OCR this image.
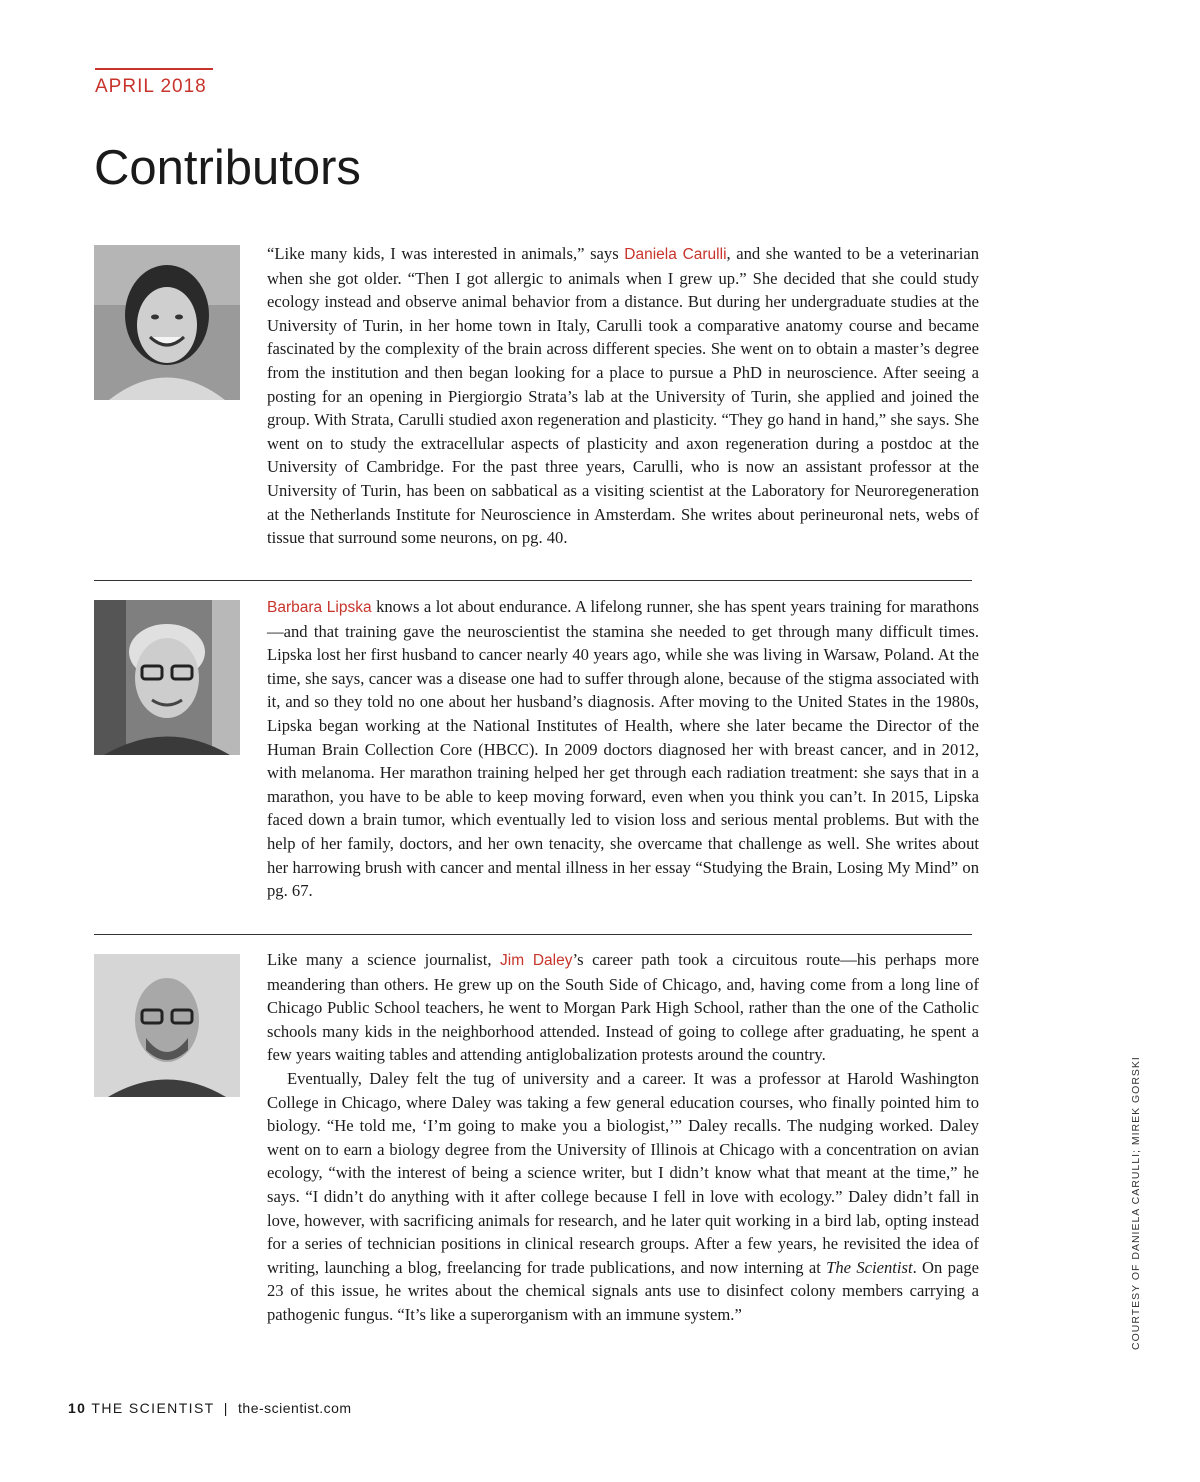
APRIL 2018
Contributors

“Like many kids, I was interested in animals,” says Daniela Carulli, and she wanted to be a veterinarian when she got older. “Then I got allergic to animals when I grew up.” She decided that she could study ecology instead and observe animal behavior from a distance. But during her undergraduate studies at the University of Turin, in her home town in Italy, Carulli took a comparative anatomy course and became fascinated by the complexity of the brain across different species. She went on to obtain a master’s degree from the institution and then began looking for a place to pursue a PhD in neuroscience. After seeing a posting for an opening in Piergiorgio Strata’s lab at the University of Turin, she applied and joined the group. With Strata, Carulli studied axon regeneration and plasticity. “They go hand in hand,” she says. She went on to study the extracellular aspects of plasticity and axon regeneration during a postdoc at the University of Cambridge. For the past three years, Carulli, who is now an assistant professor at the University of Turin, has been on sabbatical as a visiting scientist at the Laboratory for Neuroregeneration at the Netherlands Institute for Neuroscience in Amsterdam. She writes about perineuronal nets, webs of tissue that surround some neurons, on pg. 40.

Barbara Lipska knows a lot about endurance. A lifelong runner, she has spent years training for marathons—and that training gave the neuroscientist the stamina she needed to get through many difficult times. Lipska lost her first husband to cancer nearly 40 years ago, while she was living in Warsaw, Poland. At the time, she says, cancer was a disease one had to suffer through alone, because of the stigma associated with it, and so they told no one about her husband’s diagnosis. After moving to the United States in the 1980s, Lipska began working at the National Institutes of Health, where she later became the Director of the Human Brain Collection Core (HBCC). In 2009 doctors diagnosed her with breast cancer, and in 2012, with melanoma. Her marathon training helped her get through each radiation treatment: she says that in a marathon, you have to be able to keep moving forward, even when you think you can’t. In 2015, Lipska faced down a brain tumor, which eventually led to vision loss and serious mental problems. But with the help of her family, doctors, and her own tenacity, she overcame that challenge as well. She writes about her harrowing brush with cancer and mental illness in her essay “Studying the Brain, Losing My Mind” on pg. 67.

Like many a science journalist, Jim Daley’s career path took a circuitous route—his perhaps more meandering than others. He grew up on the South Side of Chicago, and, having come from a long line of Chicago Public School teachers, he went to Morgan Park High School, rather than the one of the Catholic schools many kids in the neighborhood attended. Instead of going to college after graduating, he spent a few years waiting tables and attending antiglobalization protests around the country.

Eventually, Daley felt the tug of university and a career. It was a professor at Harold Washington College in Chicago, where Daley was taking a few general education courses, who finally pointed him to biology. “He told me, ‘I’m going to make you a biologist,’” Daley recalls. The nudging worked. Daley went on to earn a biology degree from the University of Illinois at Chicago with a concentration on avian ecology, “with the interest of being a science writer, but I didn’t know what that meant at the time,” he says. “I didn’t do anything with it after college because I fell in love with ecology.” Daley didn’t fall in love, however, with sacrificing animals for research, and he later quit working in a bird lab, opting instead for a series of technician positions in clinical research groups. After a few years, he revisited the idea of writing, launching a blog, freelancing for trade publications, and now interning at The Scientist. On page 23 of this issue, he writes about the chemical signals ants use to disinfect colony members carrying a pathogenic fungus. “It’s like a superorganism with an immune system.”	COURTESY OF DANIELA CARULLI; MIREK GORSKI
10 THE SCIENTIST | the-scientist.com
